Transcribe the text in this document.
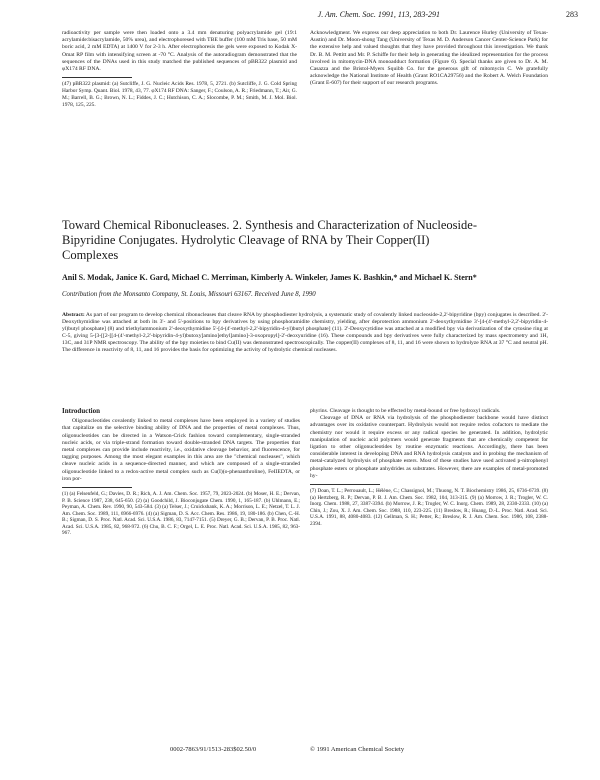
J. Am. Chem. Soc. 1991, 113, 283-291	283

radioactivity per sample were then loaded onto a 3.4 mm denaturing polyacrylamide gel (19:1 acrylamide:bisacrylamide, 50% urea), and electrophoresed with TBE buffer (100 mM Tris base, 50 mM boric acid, 2 mM EDTA) at 1400 V for 2-3 h. After electrophoresis the gels were exposed to Kodak X-Omat RP film with intensifying screen at -70 °C. Analysis of the autoradiogram demonstrated that the sequences of the DNAs used in this study matched the published sequences of pBR322 plasmid and φX174 RF DNA.

(47) pBR322 plasmid: (a) Sutcliffe, J. G. Nucleic Acids Res. 1978, 5, 2721. (b) Sutcliffe, J. G. Cold Spring Harbor Symp. Quant. Biol. 1978, 43, 77. φX174 RF DNA: Sanger, F.; Coulson, A. R.; Friedmann, T.; Air, G. M.; Barrell, B. G.; Brown, N. L.; Fiddes, J. C.; Hutchison, C. A.; Slocombe, P. M.; Smith, M. J. Mol. Biol. 1978, 125, 225.

Acknowledgment. We express our deep appreciation to both Dr. Laurence Hurley (University of Texas-Austin) and Dr. Moon-shong Tang (University of Texas M. D. Anderson Cancer Center-Science Park) for the extensive help and valued thoughts that they have provided throughout this investigation. We thank Dr. B. M. Pettitt and Mr. P. Schiffe for their help in generating the idealized representation for the process involved in mitomycin-DNA monoadduct formation (Figure 6). Special thanks are given to Dr. A. M. Casazza and the Bristol-Myers Squibb Co. for the generous gift of mitomycin C. We gratefully acknowledge the National Institute of Health (Grant RO1CA29756) and the Robert A. Welch Foundation (Grant E-607) for their support of our research programs.

Toward Chemical Ribonucleases. 2. Synthesis and Characterization of Nucleoside-Bipyridine Conjugates. Hydrolytic Cleavage of RNA by Their Copper(II) Complexes
Anil S. Modak, Janice K. Gard, Michael C. Merriman, Kimberly A. Winkeler, James K. Bashkin,* and Michael K. Stern*
Contribution from the Monsanto Company, St. Louis, Missouri 63167. Received June 8, 1990
Abstract: As part of our program to develop chemical ribonucleases that cleave RNA by phosphodiester hydrolysis, a systematic study of covalently linked nucleoside-2,2'-bipyridine (bpy) conjugates is described. 2'-Deoxythymidine was attached at both its 3'- and 5'-positions to bpy derivatives by using phosphoramidite chemistry, yielding, after deprotection ammonium 2'-deoxythymidine 3'-[4-(4'-methyl-2,2'-bipyridin-4-yl)butyl phosphate] (8) and triethylammonium 2'-deoxythymidine 5'-[4-(4'-methyl-2,2'-bipyridin-4-yl)butyl phosphate] (11). 2'-Deoxycytidine was attached at a modified bpy via derivatization of the cytosine ring at C-5, giving 5-[3-[[2-[[4-(4'-methyl-2,2'-bipyridin-4-yl)butoxy]amino]ethyl]amino]-3-oxopropyl]-2'-deoxyuridine (16). These compounds and bpy derivatives were fully characterized by mass spectrometry and 1H, 13C, and 31P NMR spectroscopy. The ability of the bpy moieties to bind Cu(II) was demonstrated spectroscopically. The copper(II) complexes of 8, 11, and 16 were shown to hydrolyze RNA at 37 °C and neutral pH. The difference in reactivity of 8, 11, and 16 provides the basis for optimizing the activity of hydrolytic chemical nucleases.
Introduction

Oligonucleotides covalently linked to metal complexes have been employed in a variety of studies that capitalize on the selective binding ability of DNA and the properties of metal complexes. Thus, oligonucleotides can be directed in a Watson-Crick fashion toward complementary, single-stranded nucleic acids, or via triple-strand formation toward double-stranded DNA targets. The properties that metal complexes can provide include reactivity, i.e., oxidative cleavage behavior, and fluorescence, for tagging purposes. Among the most elegant examples in this area are the "chemical nucleases", which cleave nucleic acids in a sequence-directed manner, and which are composed of a single-stranded oligonucleotide linked to a redox-active metal complex such as Cu(I)(o-phenanthroline), FeIIEDTA, or iron por-

(1) (a) Felsenfeld, G.; Davies, D. R.; Rich, A. J. Am. Chem. Soc. 1957, 79, 2023-2024. (b) Moser, H. E.; Dervan, P. B. Science 1987, 238, 645-650. (2) (a) Goodchild, J. Bioconjugate Chem. 1990, 1, 165-187. (b) Uhlmann, E.; Peyman, A. Chem. Rev. 1990, 90, 543-584. (3) (a) Telser, J.; Cruickshank, K. A.; Morrison, L. E.; Netzel, T. L. J. Am. Chem. Soc. 1989, 111, 6966-6976. (4) (a) Sigman, D. S. Acc. Chem. Res. 1986, 19, 180-186. (b) Chen, C.-H. B.; Sigman, D. S. Proc. Natl. Acad. Sci. U.S.A. 1986, 83, 7147-7151. (5) Dreyer, G. B.; Dervan, P. B. Proc. Natl. Acad. Sci. U.S.A. 1985, 82, 968-972. (6) Chu, B. C. F.; Orgel, L. E. Proc. Natl. Acad. Sci. U.S.A. 1985, 82, 963-967.

phyrins. Cleavage is thought to be effected by metal-bound or free hydroxyl radicals.

Cleavage of DNA or RNA via hydrolysis of the phosphodiester backbone would have distinct advantages over its oxidative counterpart. Hydrolysis would not require redox cofactors to mediate the chemistry nor would it require excess or any radical species be generated. In addition, hydrolytic manipulation of nucleic acid polymers would generate fragments that are chemically competent for ligation to other oligonucleotides by routine enzymatic reactions. Accordingly, there has been considerable interest in developing DNA and RNA hydrolysis catalysts and in probing the mechanism of metal-catalyzed hydrolysis of phosphate esters. Most of these studies have used activated p-nitrophenyl phosphate esters or phosphate anhydrides as substrates. However, there are examples of metal-promoted hy-

(7) Doan, T. L.; Perrouault, L.; Hélène, C.; Chassignol, M.; Thuong, N. T. Biochemistry 1986, 25, 6736-6739. (8) (a) Hertzberg, R. P.; Dervan, P. B. J. Am. Chem. Soc. 1982, 104, 313-315. (9) (a) Morrow, J. R.; Trogler, W. C. Inorg. Chem. 1988, 27, 3387-3394. (b) Morrow, J. R.; Trogler, W. C. Inorg. Chem. 1989, 28, 2330-2333. (10) (a) Chin, J.; Zou, X. J. Am. Chem. Soc. 1988, 110, 223-225. (11) Breslow, R.; Huang, D.-L. Proc. Natl. Acad. Sci. U.S.A. 1991, 88, 4080-4083. (12) Gellman, S. H.; Petter, R.; Breslow, R. J. Am. Chem. Soc. 1986, 108, 2388-2394.

0002-7863/91/1513-283$02.50/0	© 1991 American Chemical Society
